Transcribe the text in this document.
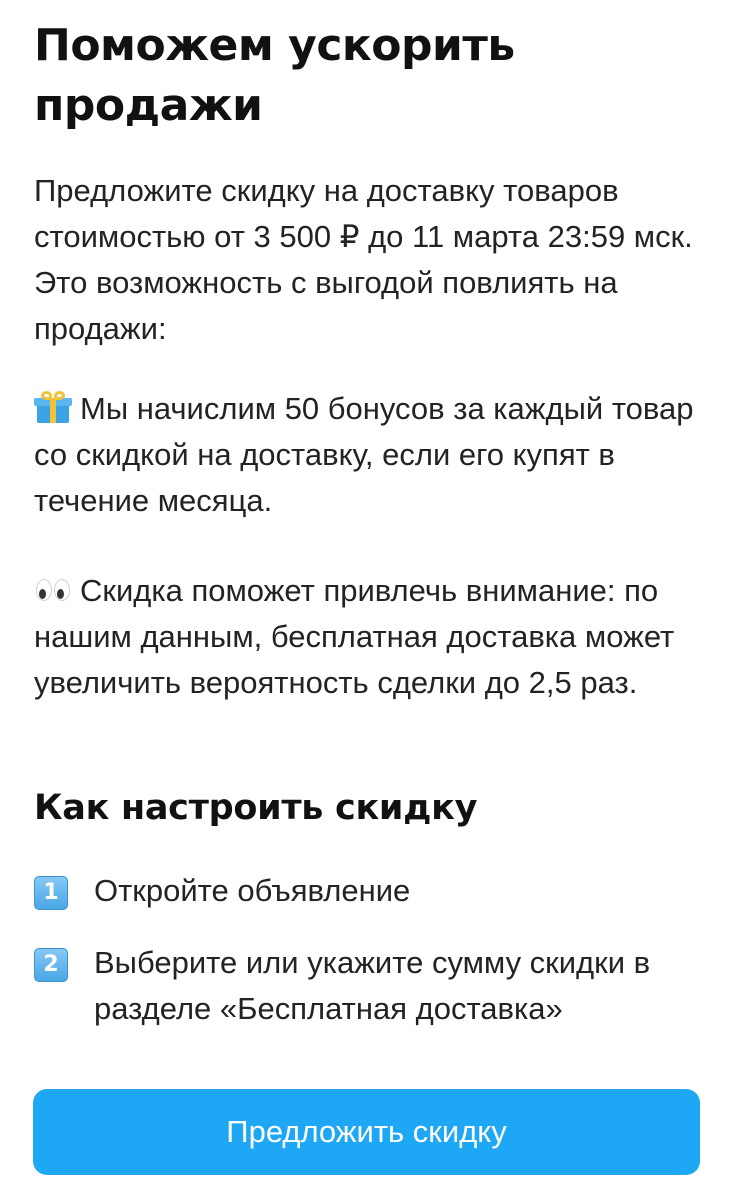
Поможем ускорить продажи

Предложите скидку на доставку товаров стоимостью от 3 500 ₽ до 11 марта 23:59 мск. Это возможность с выгодой повлиять на продажи:

Мы начислим 50 бонусов за каждый товар со скидкой на доставку, если его купят в течение месяца.

Скидка поможет привлечь внимание: по нашим данным, бесплатная доставка может увеличить вероятность сделки до 2,5 раз.

Как настроить скидку
1	Откройте объявление

2	Выберите или укажите сумму скидки в разделе «Бесплатная доставка»

Предложить скидку
